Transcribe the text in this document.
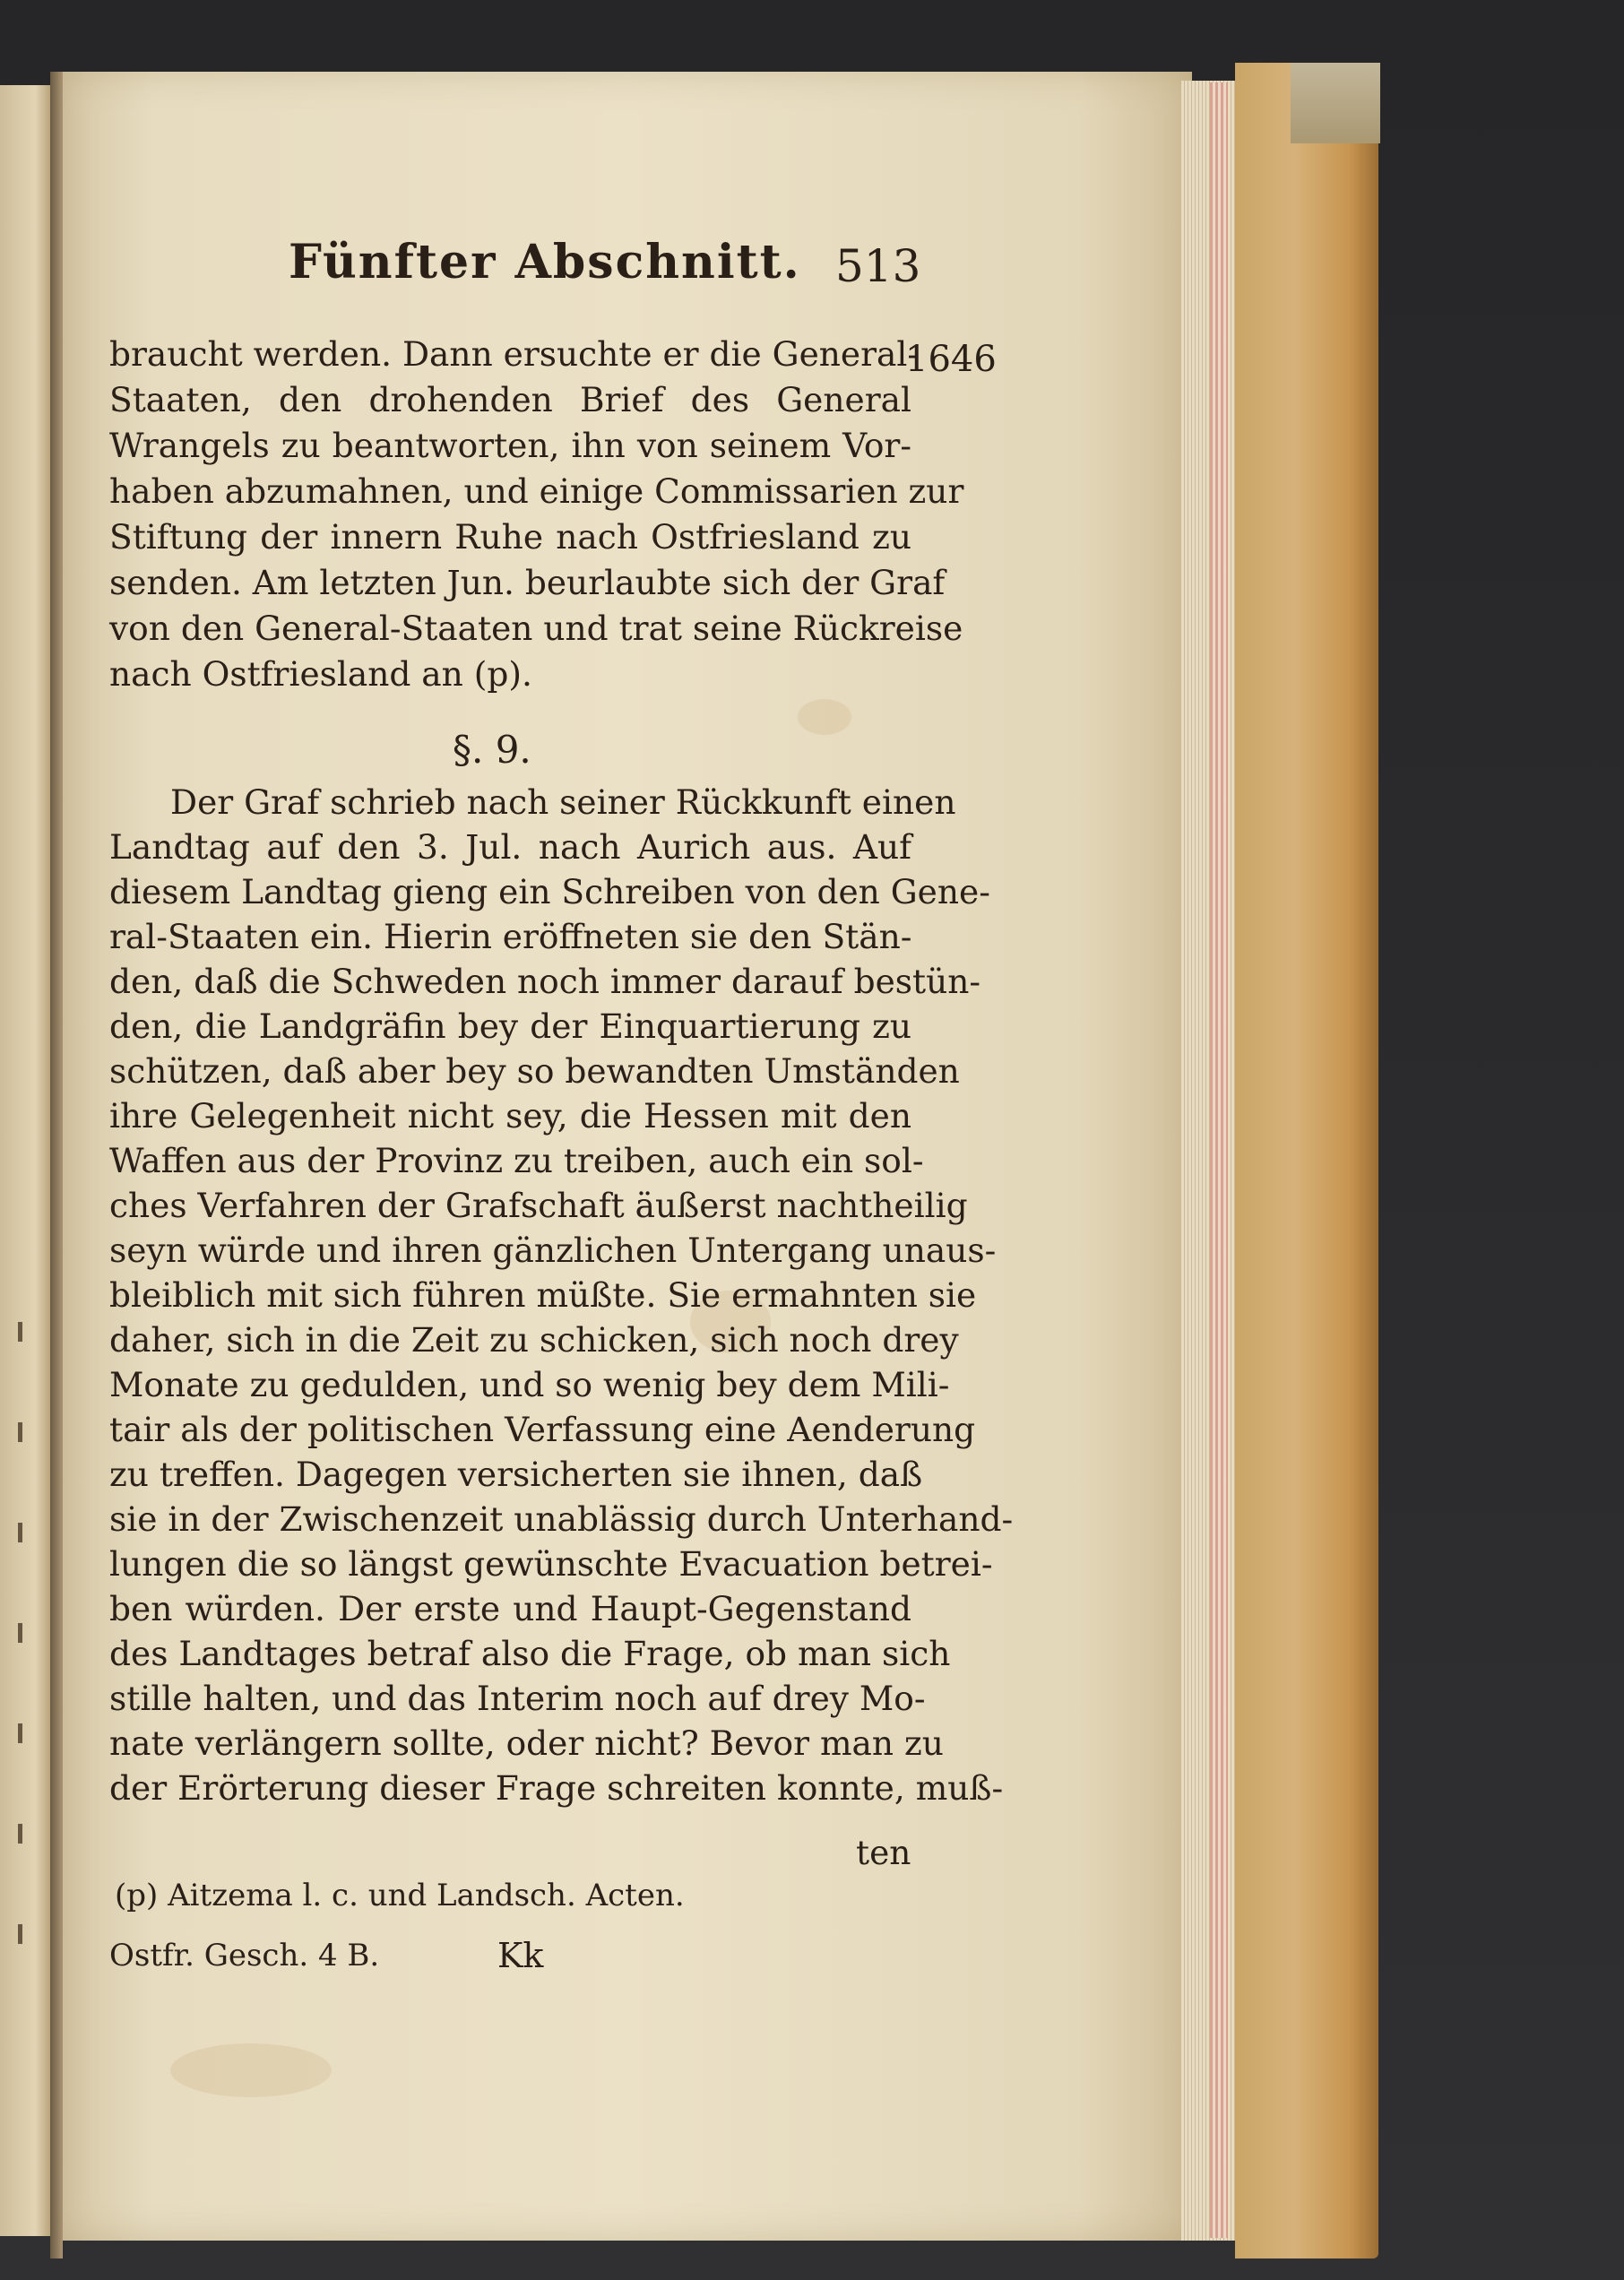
Fünfter Abschnitt. 513
1646
braucht werden. Dann ersuchte er die General-
Staaten, den drohenden Brief des General
Wrangels zu beantworten, ihn von seinem Vor-
haben abzumahnen, und einige Commissarien zur
Stiftung der innern Ruhe nach Ostfriesland zu
senden. Am letzten Jun. beurlaubte sich der Graf
von den General-Staaten und trat seine Rückreise
nach Ostfriesland an (p).
§. 9.
Der Graf schrieb nach seiner Rückkunft einen
Landtag auf den 3. Jul. nach Aurich aus. Auf
diesem Landtag gieng ein Schreiben von den Gene-
ral-Staaten ein. Hierin eröffneten sie den Stän-
den, daß die Schweden noch immer darauf bestün-
den, die Landgräfin bey der Einquartierung zu
schützen, daß aber bey so bewandten Umständen
ihre Gelegenheit nicht sey, die Hessen mit den
Waffen aus der Provinz zu treiben, auch ein sol-
ches Verfahren der Grafschaft äußerst nachtheilig
seyn würde und ihren gänzlichen Untergang unaus-
bleiblich mit sich führen müßte. Sie ermahnten sie
daher, sich in die Zeit zu schicken, sich noch drey
Monate zu gedulden, und so wenig bey dem Mili-
tair als der politischen Verfassung eine Aenderung
zu treffen. Dagegen versicherten sie ihnen, daß
sie in der Zwischenzeit unablässig durch Unterhand-
lungen die so längst gewünschte Evacuation betrei-
ben würden. Der erste und Haupt-Gegenstand
des Landtages betraf also die Frage, ob man sich
stille halten, und das Interim noch auf drey Mo-
nate verlängern sollte, oder nicht? Bevor man zu
der Erörterung dieser Frage schreiten konnte, muß-
ten
(p) Aitzema l. c. und Landsch. Acten.
Ostfr. Gesch. 4 B.	Kk
